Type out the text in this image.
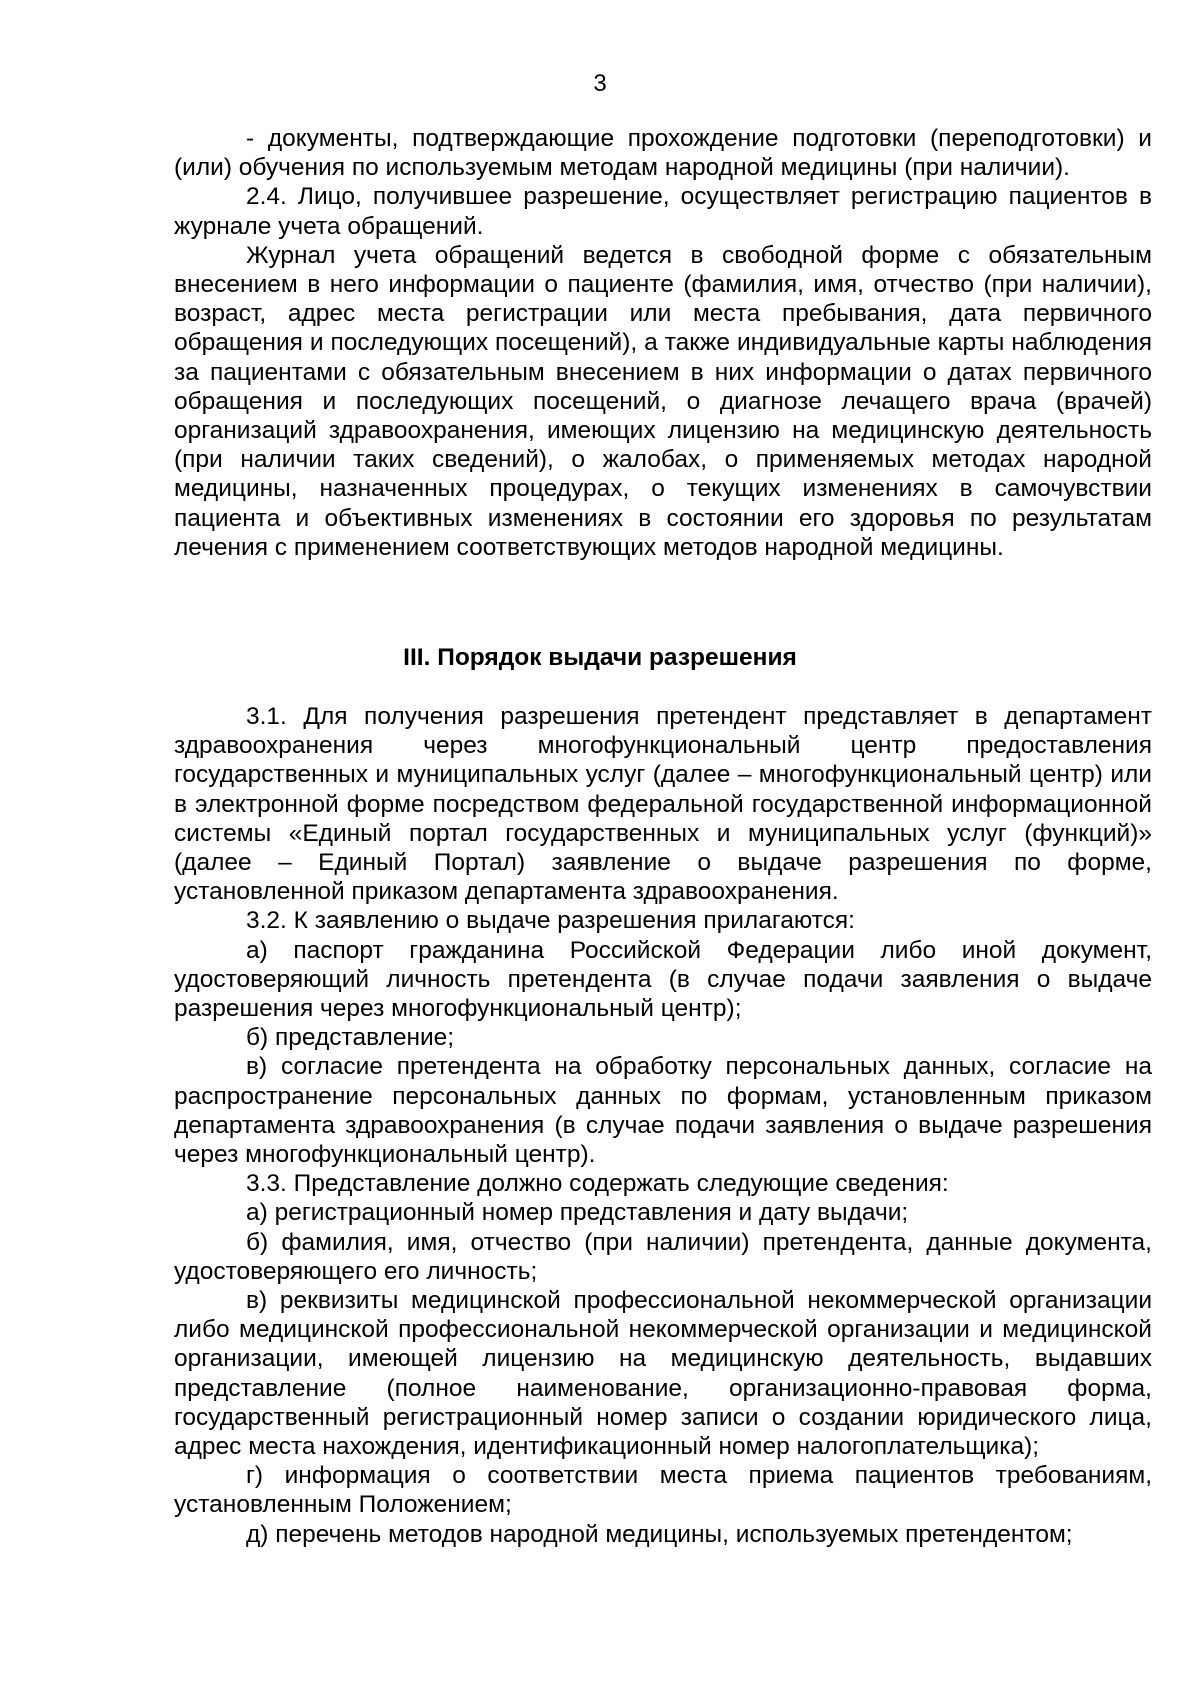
3

- документы, подтверждающие прохождение подготовки (переподготовки) и (или) обучения по используемым методам народной медицины (при наличии).

2.4. Лицо, получившее разрешение, осуществляет регистрацию пациентов в журнале учета обращений.

Журнал учета обращений ведется в свободной форме с обязательным внесением в него информации о пациенте (фамилия, имя, отчество (при наличии), возраст, адрес места регистрации или места пребывания, дата первичного обращения и последующих посещений), а также индивидуальные карты наблюдения за пациентами с обязательным внесением в них информации о датах первичного обращения и последующих посещений, о диагнозе лечащего врача (врачей) организаций здравоохранения, имеющих лицензию на медицинскую деятельность (при наличии таких сведений), о жалобах, о применяемых методах народной медицины, назначенных процедурах, о текущих изменениях в самочувствии пациента и объективных изменениях в состоянии его здоровья по результатам лечения с применением соответствующих методов народной медицины.

III. Порядок выдачи разрешения

3.1. Для получения разрешения претендент представляет в департамент здравоохранения через многофункциональный центр предоставления государственных и муниципальных услуг (далее – многофункциональный центр) или в электронной форме посредством федеральной государственной информационной системы «Единый портал государственных и муниципальных услуг (функций)» (далее – Единый Портал) заявление о выдаче разрешения по форме, установленной приказом департамента здравоохранения.

3.2. К заявлению о выдаче разрешения прилагаются:

а) паспорт гражданина Российской Федерации либо иной документ, удостоверяющий личность претендента (в случае подачи заявления о выдаче разрешения через многофункциональный центр);

б) представление;

в) согласие претендента на обработку персональных данных, согласие на распространение персональных данных по формам, установленным приказом департамента здравоохранения (в случае подачи заявления о выдаче разрешения через многофункциональный центр).

3.3. Представление должно содержать следующие сведения:

а) регистрационный номер представления и дату выдачи;

б) фамилия, имя, отчество (при наличии) претендента, данные документа, удостоверяющего его личность;

в) реквизиты медицинской профессиональной некоммерческой организации либо медицинской профессиональной некоммерческой организации и медицинской организации, имеющей лицензию на медицинскую деятельность, выдавших представление (полное наименование, организационно-правовая форма, государственный регистрационный номер записи о создании юридического лица, адрес места нахождения, идентификационный номер налогоплательщика);

г) информация о соответствии места приема пациентов требованиям, установленным Положением;

д) перечень методов народной медицины, используемых претендентом;
